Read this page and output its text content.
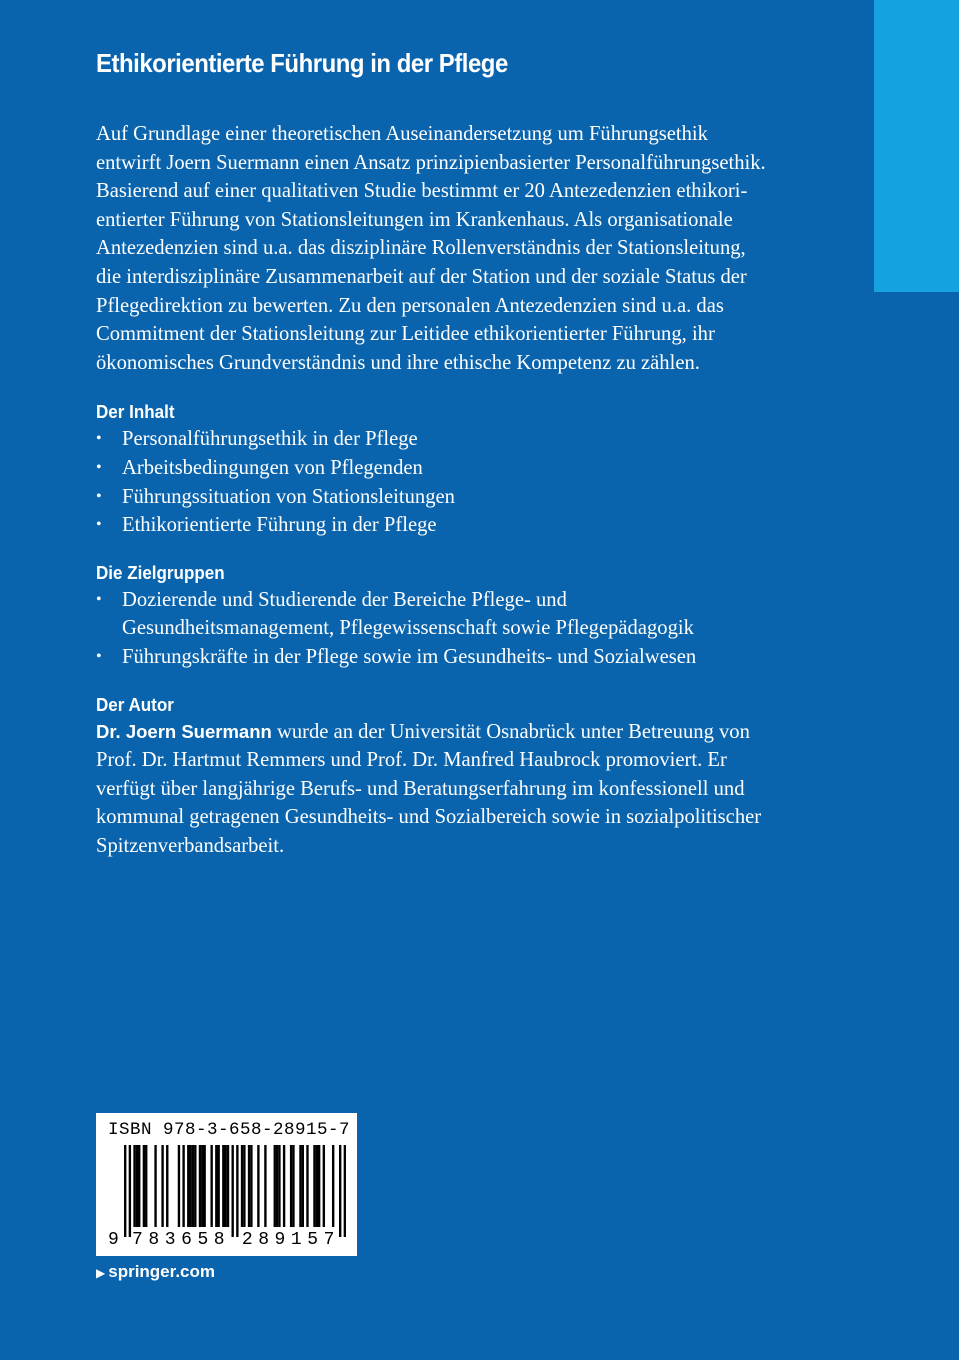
Ethikorientierte Führung in der Pflege

Auf Grundlage einer theoretischen Auseinandersetzung um Führungsethik
entwirft Joern Suermann einen Ansatz prinzipienbasierter Personalführungsethik.
Basierend auf einer qualitativen Studie bestimmt er 20 Antezedenzien ethikori-
entierter Führung von Stationsleitungen im Krankenhaus. Als organisationale
Antezedenzien sind u.a. das disziplinäre Rollenverständnis der Stationsleitung,
die interdisziplinäre Zusammenarbeit auf der Station und der soziale Status der
Pflegedirektion zu bewerten. Zu den personalen Antezedenzien sind u.a. das
Commitment der Stationsleitung zur Leitidee ethikorientierter Führung, ihr
ökonomisches Grundverständnis und ihre ethische Kompetenz zu zählen.

Der Inhalt
• Personalführungsethik in der Pflege
• Arbeitsbedingungen von Pflegenden
• Führungssituation von Stationsleitungen
• Ethikorientierte Führung in der Pflege
Die Zielgruppen
• Dozierende und Studierende der Bereiche Pflege- und
Gesundheitsmanagement, Pflegewissenschaft sowie Pflegepädagogik
• Führungskräfte in der Pflege sowie im Gesundheits- und Sozialwesen
Der Autor

Dr. Joern Suermann wurde an der Universität Osnabrück unter Betreuung von
Prof. Dr. Hartmut Remmers und Prof. Dr. Manfred Haubrock promoviert. Er
verfügt über langjährige Berufs- und Beratungserfahrung im konfessionell und
kommunal getragenen Gesundheits- und Sozialbereich sowie in sozialpolitischer
Spitzenverbandsarbeit.

ISBN 978-3-658-28915-7
9 7 8 3 6 5 8 2 8 9 1 5 7
▶ springer.com
